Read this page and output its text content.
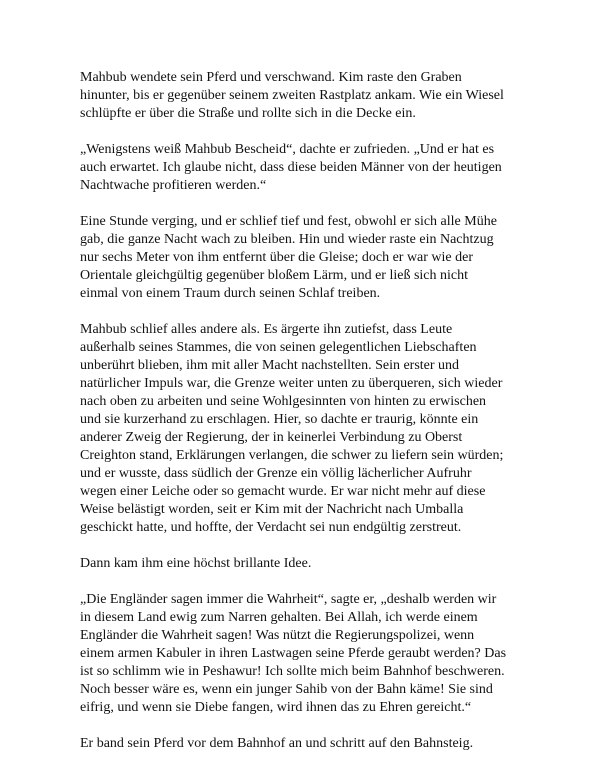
Mahbub wendete sein Pferd und verschwand. Kim raste den Graben
hinunter, bis er gegenüber seinem zweiten Rastplatz ankam. Wie ein Wiesel
schlüpfte er über die Straße und rollte sich in die Decke ein.

„Wenigstens weiß Mahbub Bescheid“, dachte er zufrieden. „Und er hat es
auch erwartet. Ich glaube nicht, dass diese beiden Männer von der heutigen
Nachtwache profitieren werden.“

Eine Stunde verging, und er schlief tief und fest, obwohl er sich alle Mühe
gab, die ganze Nacht wach zu bleiben. Hin und wieder raste ein Nachtzug
nur sechs Meter von ihm entfernt über die Gleise; doch er war wie der
Orientale gleichgültig gegenüber bloßem Lärm, und er ließ sich nicht
einmal von einem Traum durch seinen Schlaf treiben.

Mahbub schlief alles andere als. Es ärgerte ihn zutiefst, dass Leute
außerhalb seines Stammes, die von seinen gelegentlichen Liebschaften
unberührt blieben, ihm mit aller Macht nachstellten. Sein erster und
natürlicher Impuls war, die Grenze weiter unten zu überqueren, sich wieder
nach oben zu arbeiten und seine Wohlgesinnten von hinten zu erwischen
und sie kurzerhand zu erschlagen. Hier, so dachte er traurig, könnte ein
anderer Zweig der Regierung, der in keinerlei Verbindung zu Oberst
Creighton stand, Erklärungen verlangen, die schwer zu liefern sein würden;
und er wusste, dass südlich der Grenze ein völlig lächerlicher Aufruhr
wegen einer Leiche oder so gemacht wurde. Er war nicht mehr auf diese
Weise belästigt worden, seit er Kim mit der Nachricht nach Umballa
geschickt hatte, und hoffte, der Verdacht sei nun endgültig zerstreut.

Dann kam ihm eine höchst brillante Idee.

„Die Engländer sagen immer die Wahrheit“, sagte er, „deshalb werden wir
in diesem Land ewig zum Narren gehalten. Bei Allah, ich werde einem
Engländer die Wahrheit sagen! Was nützt die Regierungspolizei, wenn
einem armen Kabuler in ihren Lastwagen seine Pferde geraubt werden? Das
ist so schlimm wie in Peshawur! Ich sollte mich beim Bahnhof beschweren.
Noch besser wäre es, wenn ein junger Sahib von der Bahn käme! Sie sind
eifrig, und wenn sie Diebe fangen, wird ihnen das zu Ehren gereicht.“

Er band sein Pferd vor dem Bahnhof an und schritt auf den Bahnsteig.
